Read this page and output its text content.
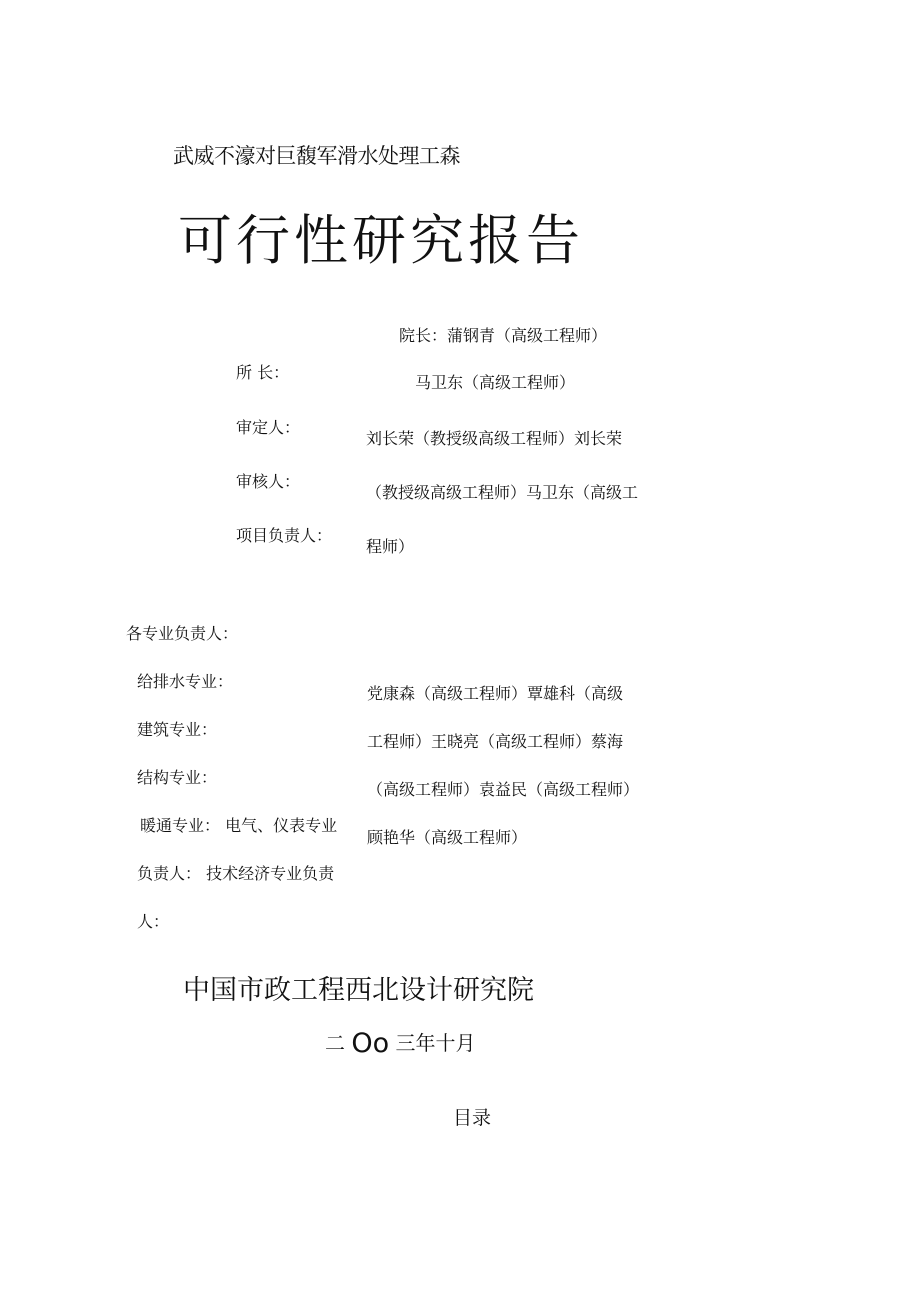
武威不濠对巨馥军滑水处理工森
可行性研究报告
院长：蒲钢青（高级工程师）
所 长：
马卫东（高级工程师）
审定人：
审核人：
项目负责人：
刘长荣（教授级高级工程师）刘长荣
（教授级高级工程师）马卫东（高级工
程师）
各专业负责人：
给排水专业：
建筑专业：
结构专业：
暖通专业： 电气、仪表专业
负责人： 技术经济专业负责
人：
党康森（高级工程师）覃雄科（高级
工程师）王晓亮（高级工程师）蔡海
（高级工程师）袁益民（高级工程师）
顾艳华（高级工程师）
中国市政工程西北设计研究院
二 Oo 三年十月
目录
